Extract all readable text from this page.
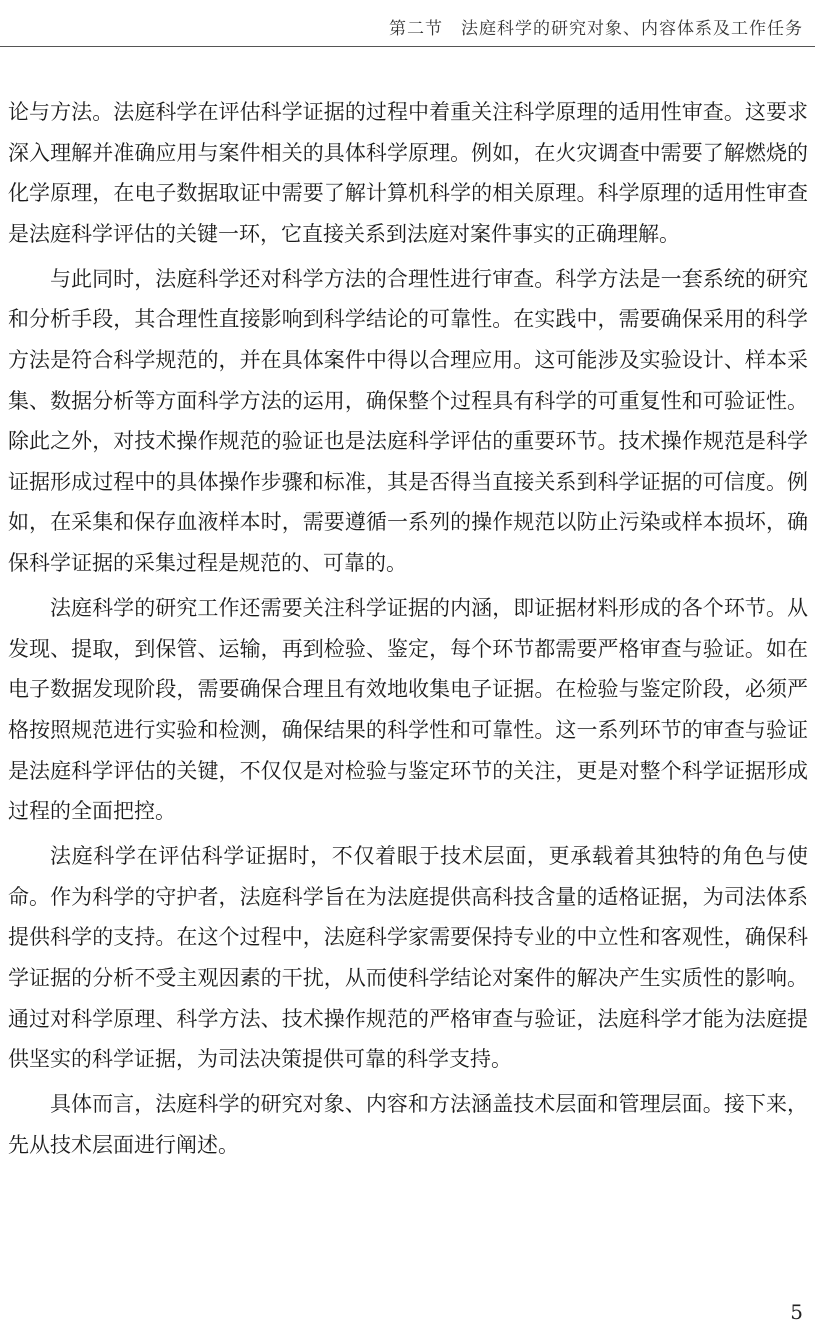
第二节　法庭科学的研究对象、内容体系及工作任务

论与方法。法庭科学在评估科学证据的过程中着重关注科学原理的适用性审查。这要求深入理解并准确应用与案件相关的具体科学原理。例如，在火灾调查中需要了解燃烧的化学原理，在电子数据取证中需要了解计算机科学的相关原理。科学原理的适用性审查是法庭科学评估的关键一环，它直接关系到法庭对案件事实的正确理解。

与此同时，法庭科学还对科学方法的合理性进行审查。科学方法是一套系统的研究和分析手段，其合理性直接影响到科学结论的可靠性。在实践中，需要确保采用的科学方法是符合科学规范的，并在具体案件中得以合理应用。这可能涉及实验设计、样本采集、数据分析等方面科学方法的运用，确保整个过程具有科学的可重复性和可验证性。除此之外，对技术操作规范的验证也是法庭科学评估的重要环节。技术操作规范是科学证据形成过程中的具体操作步骤和标准，其是否得当直接关系到科学证据的可信度。例如，在采集和保存血液样本时，需要遵循一系列的操作规范以防止污染或样本损坏，确保科学证据的采集过程是规范的、可靠的。

法庭科学的研究工作还需要关注科学证据的内涵，即证据材料形成的各个环节。从发现、提取，到保管、运输，再到检验、鉴定，每个环节都需要严格审查与验证。如在电子数据发现阶段，需要确保合理且有效地收集电子证据。在检验与鉴定阶段，必须严格按照规范进行实验和检测，确保结果的科学性和可靠性。这一系列环节的审查与验证是法庭科学评估的关键，不仅仅是对检验与鉴定环节的关注，更是对整个科学证据形成过程的全面把控。

法庭科学在评估科学证据时，不仅着眼于技术层面，更承载着其独特的角色与使命。作为科学的守护者，法庭科学旨在为法庭提供高科技含量的适格证据，为司法体系提供科学的支持。在这个过程中，法庭科学家需要保持专业的中立性和客观性，确保科学证据的分析不受主观因素的干扰，从而使科学结论对案件的解决产生实质性的影响。通过对科学原理、科学方法、技术操作规范的严格审查与验证，法庭科学才能为法庭提供坚实的科学证据，为司法决策提供可靠的科学支持。

具体而言，法庭科学的研究对象、内容和方法涵盖技术层面和管理层面。接下来，先从技术层面进行阐述。

5
